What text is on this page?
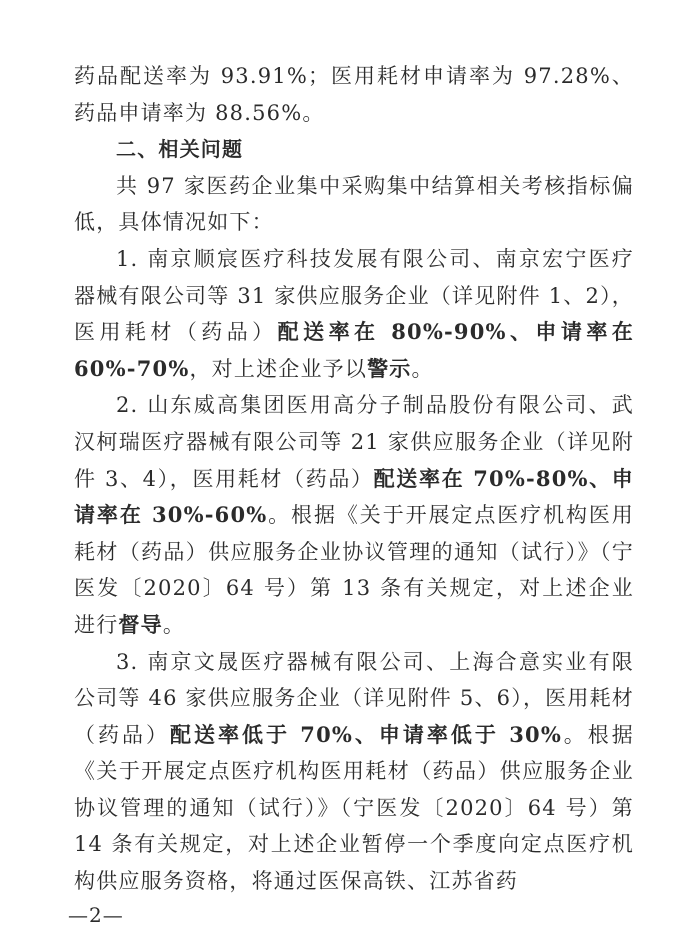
药品配送率为 93.91%；医用耗材申请率为 97.28%、药品申请率为 88.56%。

二、相关问题

共 97 家医药企业集中采购集中结算相关考核指标偏低，具体情况如下：

1. 南京顺宸医疗科技发展有限公司、南京宏宁医疗器械有限公司等 31 家供应服务企业（详见附件 1、2），医用耗材（药品）配送率在 80%-90%、申请率在 60%-70%，对上述企业予以警示。

2. 山东威高集团医用高分子制品股份有限公司、武汉柯瑞医疗器械有限公司等 21 家供应服务企业（详见附件 3、4），医用耗材（药品）配送率在 70%-80%、申请率在 30%-60%。根据《关于开展定点医疗机构医用耗材（药品）供应服务企业协议管理的通知（试行）》（宁医发〔2020〕64 号）第 13 条有关规定，对上述企业进行督导。

3. 南京文晟医疗器械有限公司、上海合意实业有限公司等 46 家供应服务企业（详见附件 5、6），医用耗材（药品）配送率低于 70%、申请率低于 30%。根据《关于开展定点医疗机构医用耗材（药品）供应服务企业协议管理的通知（试行）》（宁医发〔2020〕64 号）第 14 条有关规定，对上述企业暂停一个季度向定点医疗机构供应服务资格，将通过医保高铁、江苏省药

—2—
